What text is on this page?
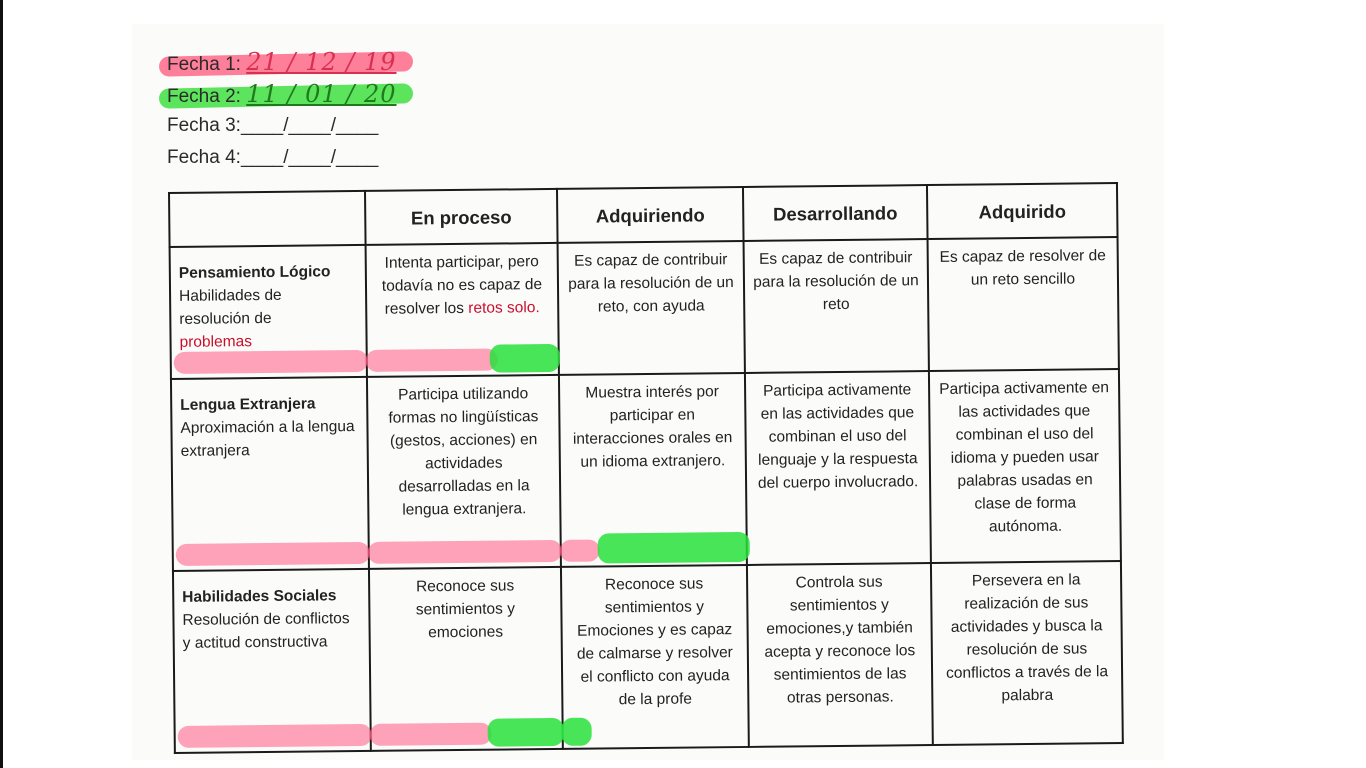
Fecha 1: 21 / 12 / 19
Fecha 2: 11 / 01 / 20
Fecha 3:____/____/____
Fecha 4:____/____/____
	En proceso	Adquiriendo	Desarrollando	Adquirido

Pensamiento Lógico
Habilidades de
resolución de
problemas	Intenta participar, pero todavía no es capaz de resolver los retos solo.	Es capaz de contribuir para la resolución de un reto, con ayuda	Es capaz de contribuir para la resolución de un reto	Es capaz de resolver de un reto sencillo

Lengua Extranjera
Aproximación a la lengua extranjera	Participa utilizando formas no lingüísticas (gestos, acciones) en actividades desarrolladas en la lengua extranjera.	Muestra interés por participar en interacciones orales en un idioma extranjero.	Participa activamente en las actividades que combinan el uso del lenguaje y la respuesta del cuerpo involucrado.	Participa activamente en las actividades que combinan el uso del idioma y pueden usar palabras usadas en clase de forma autónoma.

Habilidades Sociales
Resolución de conflictos y actitud constructiva	Reconoce sus sentimientos y emociones	Reconoce sus sentimientos y Emociones y es capaz de calmarse y resolver el conflicto con ayuda de la profe	Controla sus sentimientos y emociones,y también acepta y reconoce los sentimientos de las otras personas.	Persevera en la realización de sus actividades y busca la resolución de sus conflictos a través de la palabra
